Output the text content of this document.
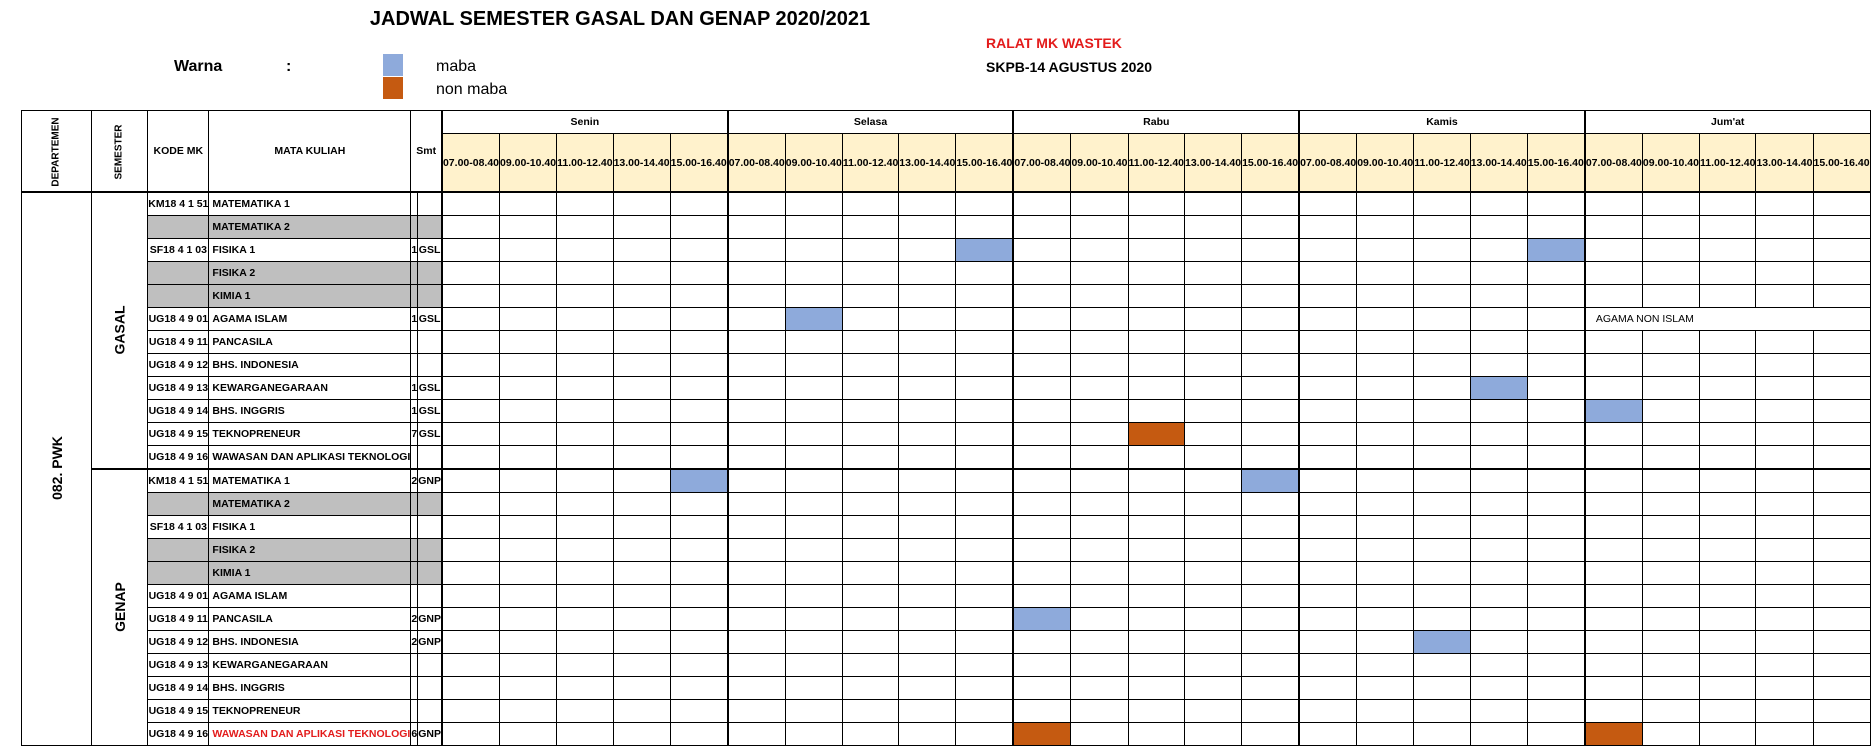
JADWAL SEMESTER GASAL DAN GENAP 2020/2021
RALAT MK WASTEK
SKPB-14 AGUSTUS 2020
Warna	:	maba
non maba
DEPARTEMEN	SEMESTER	KODE MK	MATA KULIAH	Smt		Senin					Selasa					Rabu					Kamis					Jum'at				
						07.00-08.40	09.00-10.40	11.00-12.40	13.00-14.40	15.00-16.40	07.00-08.40	09.00-10.40	11.00-12.40	13.00-14.40	15.00-16.40	07.00-08.40	09.00-10.40	11.00-12.40	13.00-14.40	15.00-16.40	07.00-08.40	09.00-10.40	11.00-12.40	13.00-14.40	15.00-16.40	07.00-08.40	09.00-10.40	11.00-12.40	13.00-14.40	15.00-16.40
082. PWK	GASAL	KM18 4 1 51	MATEMATIKA 1																											
			MATEMATIKA 2																											
		SF18 4 1 03	FISIKA 1	1	GSL																									
			FISIKA 2																											
			KIMIA 1																											
		UG18 4 9 01	AGAMA ISLAM	1	GSL																					AGAMA NON ISLAM				
		UG18 4 9 11	PANCASILA																											
		UG18 4 9 12	BHS. INDONESIA																											
		UG18 4 9 13	KEWARGANEGARAAN	1	GSL																									
		UG18 4 9 14	BHS. INGGRIS	1	GSL																									
		UG18 4 9 15	TEKNOPRENEUR	7	GSL																									
		UG18 4 9 16	WAWASAN DAN APLIKASI TEKNOLOGI																											
	GENAP	KM18 4 1 51	MATEMATIKA 1	2	GNP																									
			MATEMATIKA 2																											
		SF18 4 1 03	FISIKA 1																											
			FISIKA 2																											
			KIMIA 1																											
		UG18 4 9 01	AGAMA ISLAM																											
		UG18 4 9 11	PANCASILA	2	GNP																									
		UG18 4 9 12	BHS. INDONESIA	2	GNP																									
		UG18 4 9 13	KEWARGANEGARAAN																											
		UG18 4 9 14	BHS. INGGRIS																											
		UG18 4 9 15	TEKNOPRENEUR																											
		UG18 4 9 16	WAWASAN DAN APLIKASI TEKNOLOGI	6	GNP																									
